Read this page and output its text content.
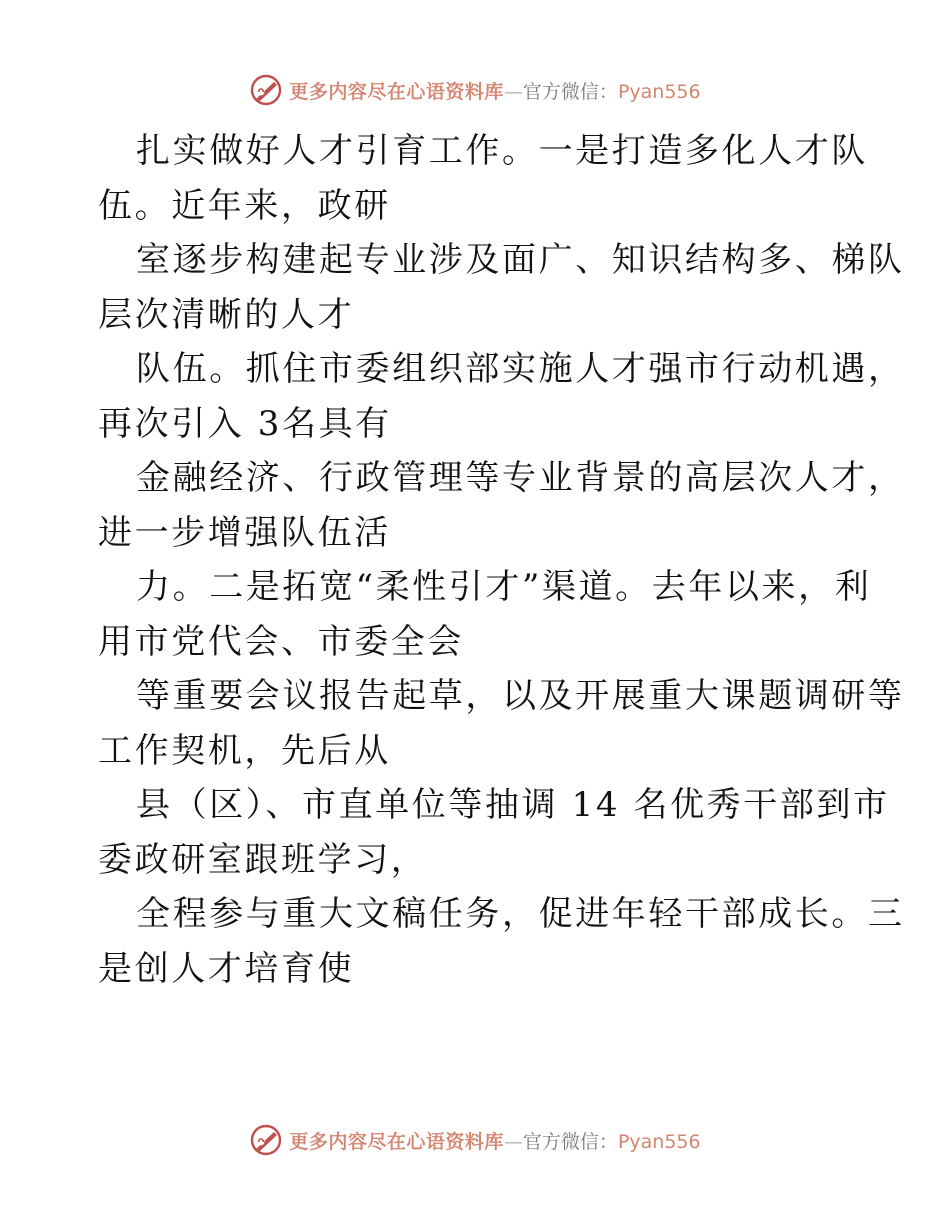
更多内容尽在心语资料库 — 官方微信： Pyan556
扎实做好人才引育工作。一是打造多化人才队
伍。近年来，政研
室逐步构建起专业涉及面广、知识结构多、梯队
层次清晰的人才
队伍。抓住市委组织部实施人才强市行动机遇，
再次引入 3名具有
金融经济、行政管理等专业背景的高层次人才，
进一步增强队伍活
力。二是拓宽“柔性引才”渠道。去年以来，利
用市党代会、市委全会
等重要会议报告起草，以及开展重大课题调研等
工作契机，先后从
县（区）、市直单位等抽调 14 名优秀干部到市
委政研室跟班学习，
全程参与重大文稿任务，促进年轻干部成长。三
是创人才培育使
更多内容尽在心语资料库 — 官方微信： Pyan556
